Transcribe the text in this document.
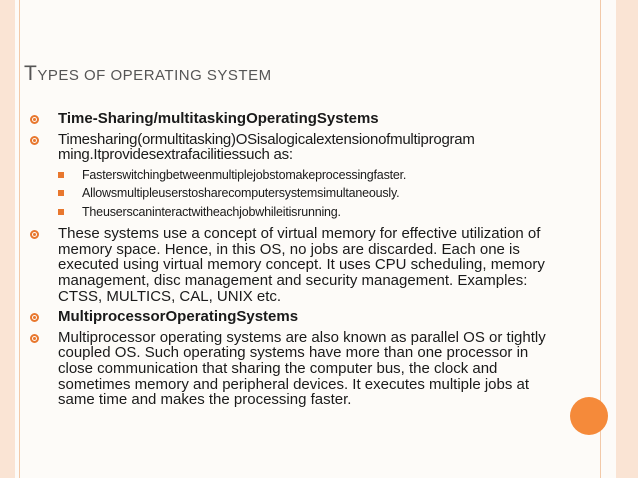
TYPES OF OPERATING SYSTEM
Time-Sharing/multitaskingOperatingSystems
Timesharing(ormultitasking)OSisalogicalextensionofmultiprogram
ming.Itprovidesextrafacilitiessuch as:
Fasterswitchingbetweenmultiplejobstomakeprocessingfaster.
Allowsmultipleuserstosharecomputersystemsimultaneously.
Theuserscaninteractwitheachjobwhileitisrunning.
These systems use a concept of virtual memory for effective utilization of memory space. Hence, in this OS, no jobs are discarded. Each one is executed using virtual memory concept. It uses CPU scheduling, memory management, disc management and security management. Examples: CTSS, MULTICS, CAL, UNIX etc.
MultiprocessorOperatingSystems
Multiprocessor operating systems are also known as parallel OS or tightly coupled OS. Such operating systems have more than one processor in close communication that sharing the computer bus, the clock and sometimes memory and peripheral devices. It executes multiple jobs at same time and makes the processing faster.
